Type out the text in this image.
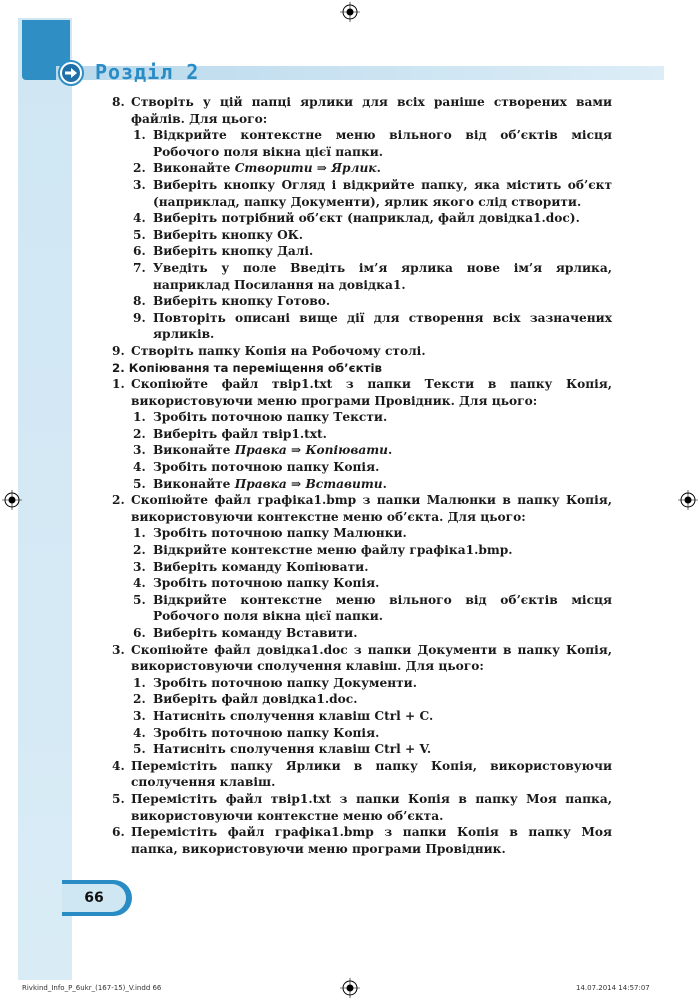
Розділ 2
8. Створіть у цій папці ярлики для всіх раніше створених вами файлів. Для цього:
1. Відкрийте контекстне меню вільного від об’єктів місця Робочого поля вікна цієї папки.
2. Виконайте Створити ⇒ Ярлик.
3. Виберіть кнопку Огляд і відкрийте папку, яка містить об’єкт (наприклад, папку Документи), ярлик якого слід створити.
4. Виберіть потрібний об’єкт (наприклад, файл довідка1.doc).
5. Виберіть кнопку ОК.
6. Виберіть кнопку Далі.
7. Уведіть у поле Введіть ім’я ярлика нове ім’я ярлика, наприклад Посилання на довідка1.
8. Виберіть кнопку Готово.
9. Повторіть описані вище дії для створення всіх зазначених ярликів.
9. Створіть папку Копія на Робочому столі.

2. Копіювання та переміщення об’єктів

1. Скопіюйте файл твір1.txt з папки Тексти в папку Копія, використовуючи меню програми Провідник. Для цього:
1. Зробіть поточною папку Тексти.
2. Виберіть файл твір1.txt.
3. Виконайте Правка ⇒ Копіювати.
4. Зробіть поточною папку Копія.
5. Виконайте Правка ⇒ Вставити.
2. Скопіюйте файл графіка1.bmp з папки Малюнки в папку Копія, використовуючи контекстне меню об’єкта. Для цього:
1. Зробіть поточною папку Малюнки.
2. Відкрийте контекстне меню файлу графіка1.bmp.
3. Виберіть команду Копіювати.
4. Зробіть поточною папку Копія.
5. Відкрийте контекстне меню вільного від об’єктів місця Робочого поля вікна цієї папки.
6. Виберіть команду Вставити.
3. Скопіюйте файл довідка1.doc з папки Документи в папку Копія, використовуючи сполучення клавіш. Для цього:
1. Зробіть поточною папку Документи.
2. Виберіть файл довідка1.doc.
3. Натисніть сполучення клавіш Ctrl + C.
4. Зробіть поточною папку Копія.
5. Натисніть сполучення клавіш Ctrl + V.
4. Перемістіть папку Ярлики в папку Копія, використовуючи сполучення клавіш.
5. Перемістіть файл твір1.txt з папки Копія в папку Моя папка, використовуючи контекстне меню об’єкта.
6. Перемістіть файл графіка1.bmp з папки Копія в папку Моя папка, використовуючи меню програми Провідник.
66
Rivkind_Info_P_6ukr_(167-15)_V.indd 66	14.07.2014 14:57:07
